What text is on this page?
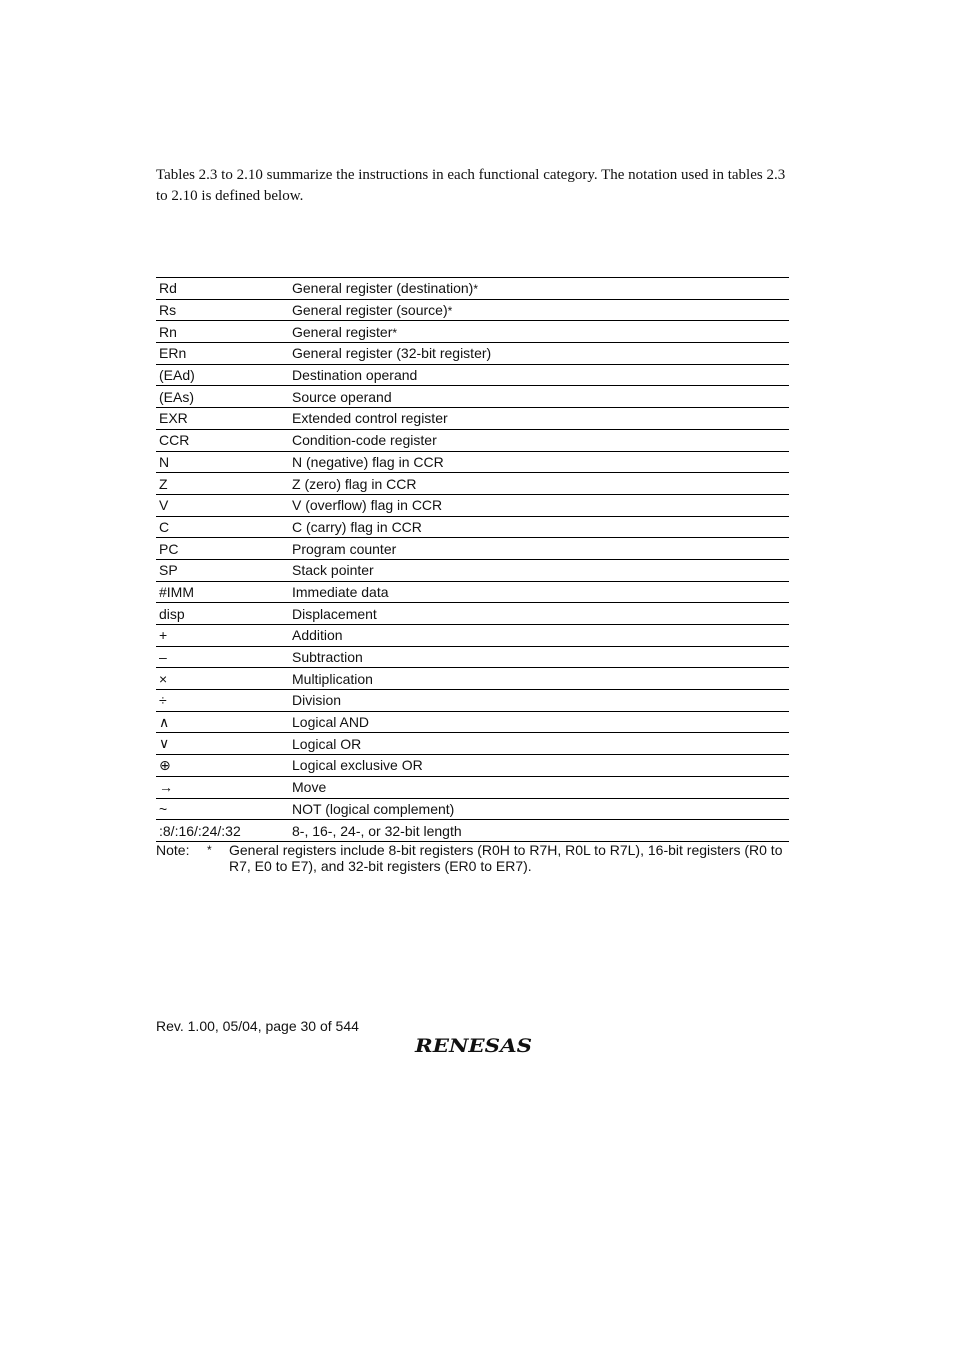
Tables 2.3 to 2.10 summarize the instructions in each functional category. The notation used in tables 2.3 to 2.10 is defined below.

Rd	General register (destination)*
Rs	General register (source)*
Rn	General register*
ERn	General register (32-bit register)
(EAd)	Destination operand
(EAs)	Source operand
EXR	Extended control register
CCR	Condition-code register
N	N (negative) flag in CCR
Z	Z (zero) flag in CCR
V	V (overflow) flag in CCR
C	C (carry) flag in CCR
PC	Program counter
SP	Stack pointer
#IMM	Immediate data
disp	Displacement
+	Addition
–	Subtraction
×	Multiplication
÷	Division
∧	Logical AND
∨	Logical OR
⊕	Logical exclusive OR
→	Move
~	NOT (logical complement)
:8/:16/:24/:32	8-, 16-, 24-, or 32-bit length
Note: * General registers include 8-bit registers (R0H to R7H, R0L to R7L), 16-bit registers (R0 to R7, E0 to E7), and 32-bit registers (ER0 to ER7).
Rev. 1.00, 05/04, page 30 of 544
RENESAS
